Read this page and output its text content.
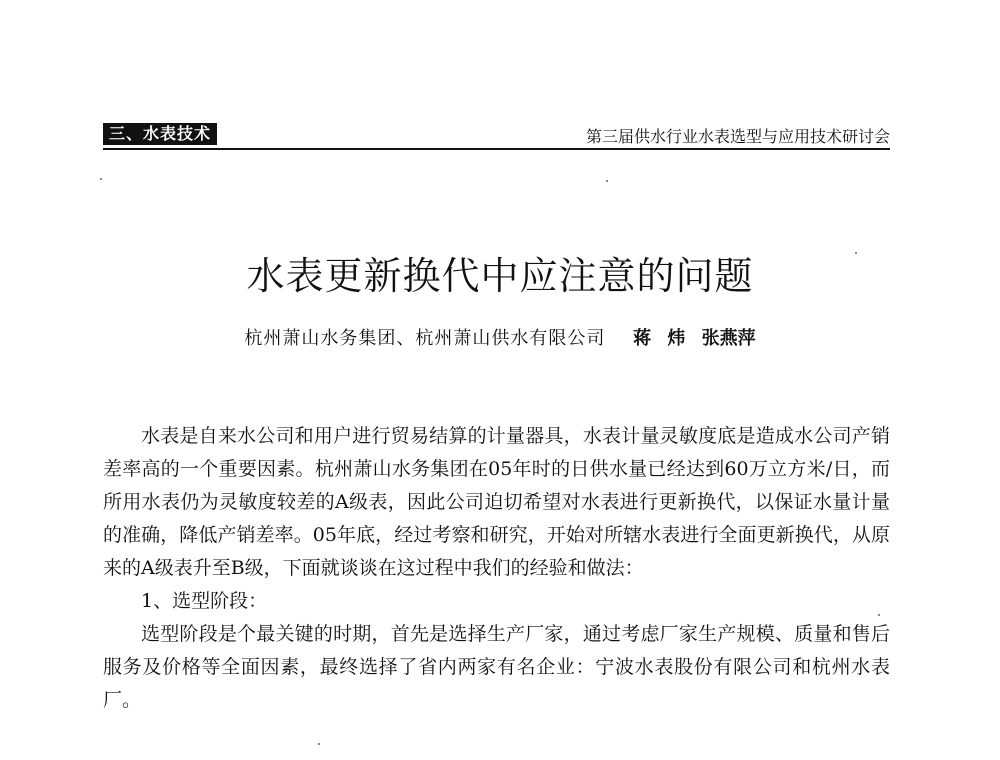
三、水表技术	第三届供水行业水表选型与应用技术研讨会
水表更新换代中应注意的问题
杭州萧山水务集团、杭州萧山供水有限公司 蒋 炜 张燕萍

水表是自来水公司和用户进行贸易结算的计量器具，水表计量灵敏度底是造成水公司产销差率高的一个重要因素。杭州萧山水务集团在05年时的日供水量已经达到60万立方米/日，而所用水表仍为灵敏度较差的A级表，因此公司迫切希望对水表进行更新换代，以保证水量计量的准确，降低产销差率。05年底，经过考察和研究，开始对所辖水表进行全面更新换代，从原来的A级表升至B级，下面就谈谈在这过程中我们的经验和做法：

1、选型阶段：

选型阶段是个最关键的时期，首先是选择生产厂家，通过考虑厂家生产规模、质量和售后服务及价格等全面因素，最终选择了省内两家有名企业：宁波水表股份有限公司和杭州水表厂。
